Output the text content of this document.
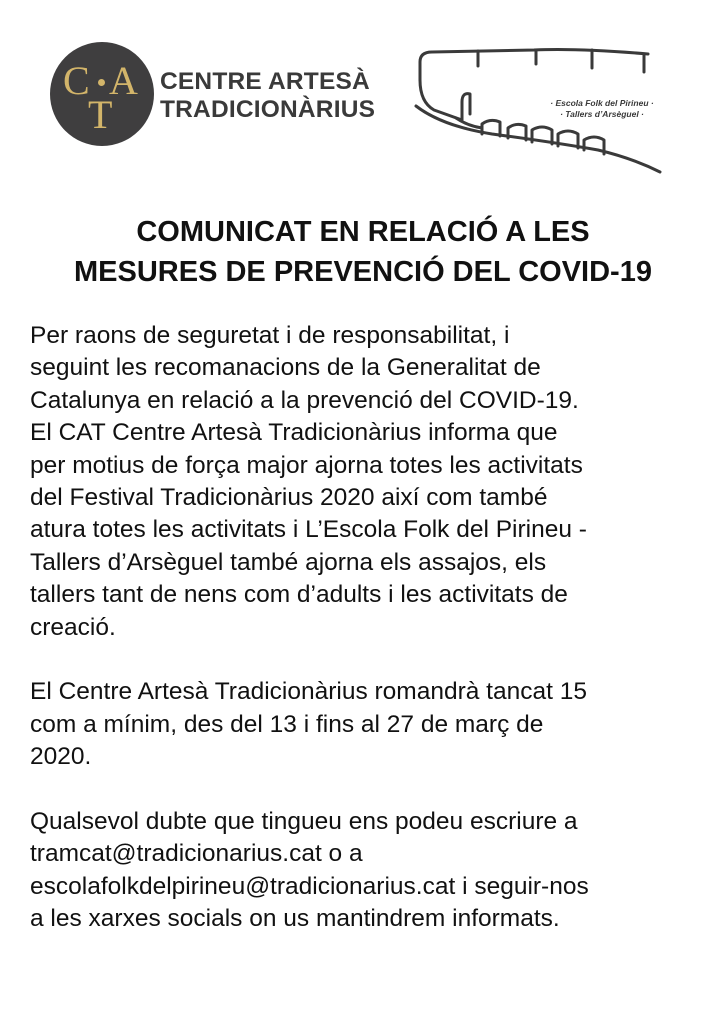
C A
T
CENTRE ARTESÀ
TRADICIONÀRIUS	· Escola Folk del Pirineu ·
· Tallers d’Arsèguel ·
COMUNICAT EN RELACIÓ A LES
MESURES DE PREVENCIÓ DEL COVID-19
Per raons de seguretat i de responsabilitat, i
seguint les recomanacions de la Generalitat de
Catalunya en relació a la prevenció del COVID-19.
El CAT Centre Artesà Tradicionàrius informa que
per motius de força major ajorna totes les activitats
del Festival Tradicionàrius 2020 així com també
atura totes les activitats i L’Escola Folk del Pirineu -
Tallers d’Arsèguel també ajorna els assajos, els
tallers tant de nens com d’adults i les activitats de
creació.
El Centre Artesà Tradicionàrius romandrà tancat 15
com a mínim, des del 13 i fins al 27 de març de
2020.
Qualsevol dubte que tingueu ens podeu escriure a
tramcat@tradicionarius.cat o a
escolafolkdelpirineu@tradicionarius.cat i seguir-nos
a les xarxes socials on us mantindrem informats.
